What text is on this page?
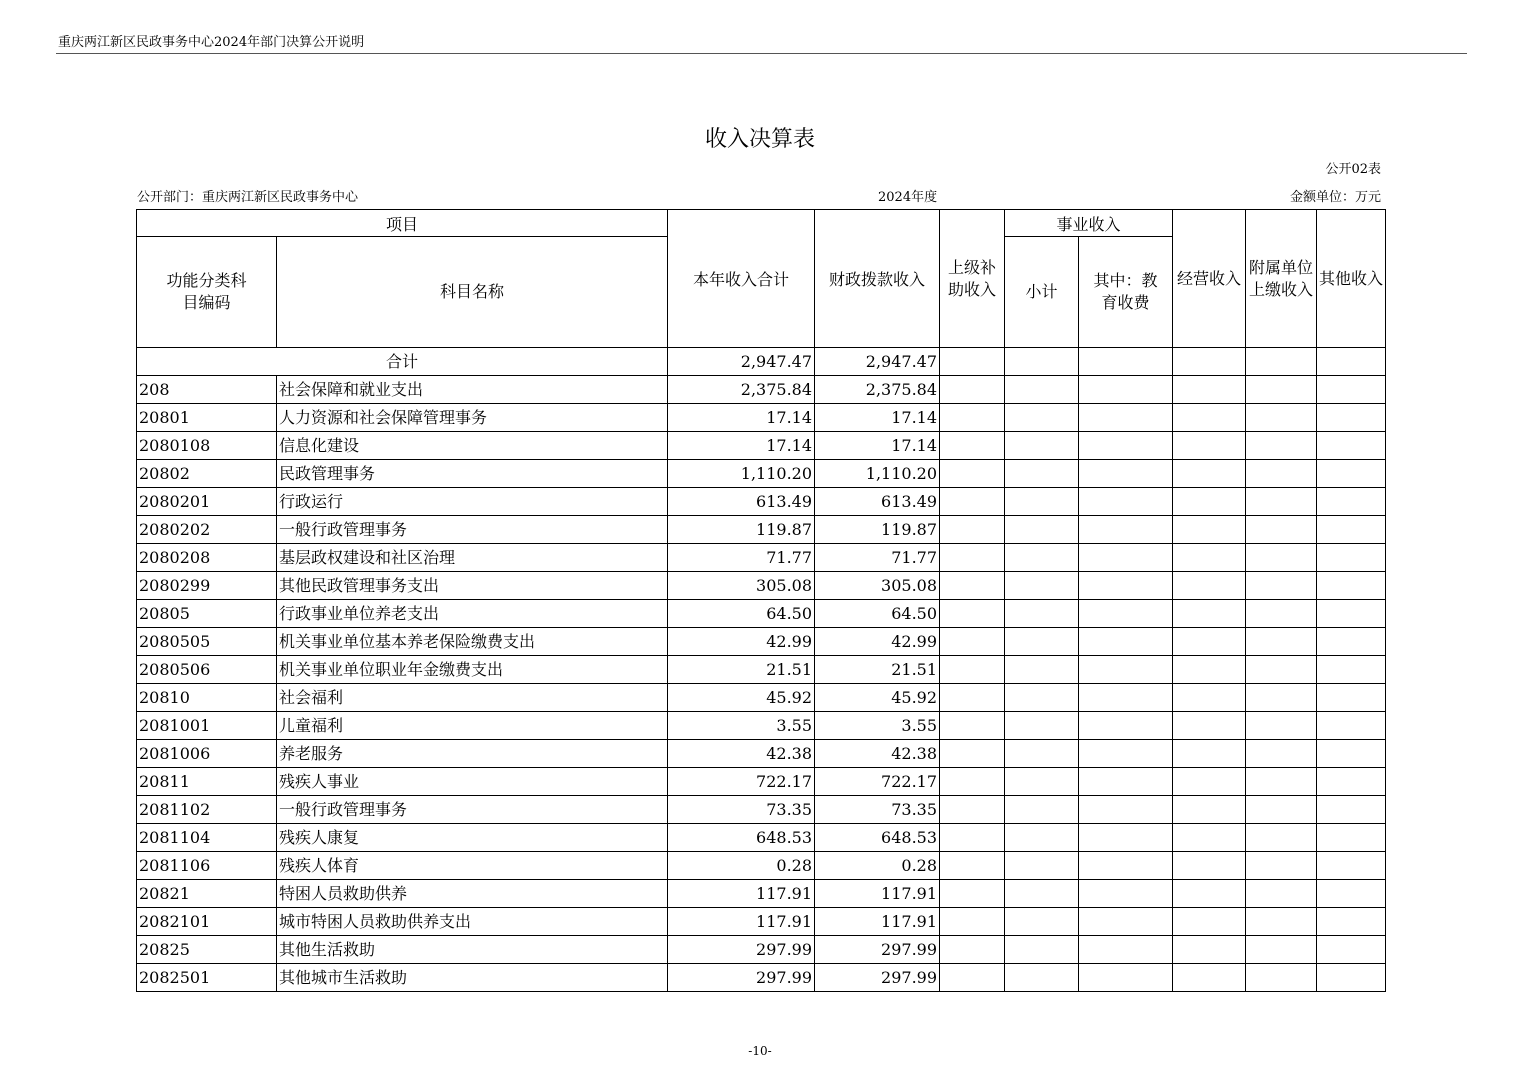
重庆两江新区民政事务中心2024年部门决算公开说明
收入决算表
公开02表
公开部门：重庆两江新区民政事务中心	2024年度	金额单位：万元
项目		本年收入合计	财政拨款收入	上级补助收入	事业收入		经营收入	附属单位上缴收入	其他收入
功能分类科目编码	科目名称				小计	其中：教育收费			
合计		2,947.47	2,947.47						
208	社会保障和就业支出	2,375.84	2,375.84						
20801	人力资源和社会保障管理事务	17.14	17.14						
2080108	信息化建设	17.14	17.14						
20802	民政管理事务	1,110.20	1,110.20						
2080201	行政运行	613.49	613.49						
2080202	一般行政管理事务	119.87	119.87						
2080208	基层政权建设和社区治理	71.77	71.77						
2080299	其他民政管理事务支出	305.08	305.08						
20805	行政事业单位养老支出	64.50	64.50						
2080505	机关事业单位基本养老保险缴费支出	42.99	42.99						
2080506	机关事业单位职业年金缴费支出	21.51	21.51						
20810	社会福利	45.92	45.92						
2081001	儿童福利	3.55	3.55						
2081006	养老服务	42.38	42.38						
20811	残疾人事业	722.17	722.17						
2081102	一般行政管理事务	73.35	73.35						
2081104	残疾人康复	648.53	648.53						
2081106	残疾人体育	0.28	0.28						
20821	特困人员救助供养	117.91	117.91						
2082101	城市特困人员救助供养支出	117.91	117.91						
20825	其他生活救助	297.99	297.99						
2082501	其他城市生活救助	297.99	297.99						
-10-
